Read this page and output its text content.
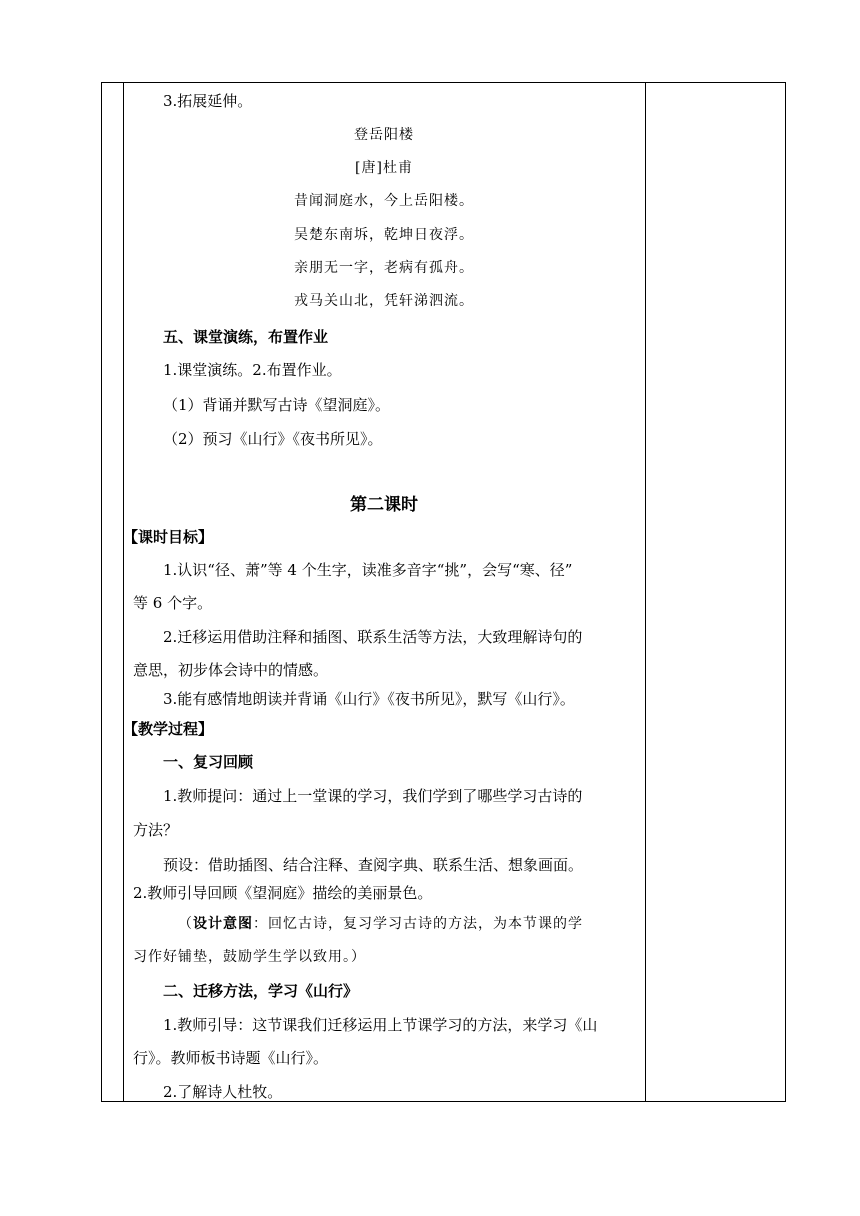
3.拓展延伸。
登岳阳楼
[唐]杜甫
昔闻洞庭水，今上岳阳楼。
吴楚东南坼，乾坤日夜浮。
亲朋无一字，老病有孤舟。
戎马关山北，凭轩涕泗流。
五、课堂演练，布置作业
1.课堂演练。2.布置作业。
（1）背诵并默写古诗《望洞庭》。
（2）预习《山行》《夜书所见》。
第二课时
【课时目标】
1.认识“径、萧”等 4 个生字，读准多音字“挑”，会写“寒、径”
等 6 个字。
2.迁移运用借助注释和插图、联系生活等方法，大致理解诗句的
意思，初步体会诗中的情感。
3.能有感情地朗读并背诵《山行》《夜书所见》，默写《山行》。
【教学过程】
一、复习回顾
1.教师提问：通过上一堂课的学习，我们学到了哪些学习古诗的
方法？
预设：借助插图、结合注释、查阅字典、联系生活、想象画面。
2.教师引导回顾《望洞庭》描绘的美丽景色。
（设计意图：回忆古诗，复习学习古诗的方法，为本节课的学
习作好铺垫，鼓励学生学以致用。）
二、迁移方法，学习《山行》
1.教师引导：这节课我们迁移运用上节课学习的方法，来学习《山
行》。教师板书诗题《山行》。
2.了解诗人杜牧。
